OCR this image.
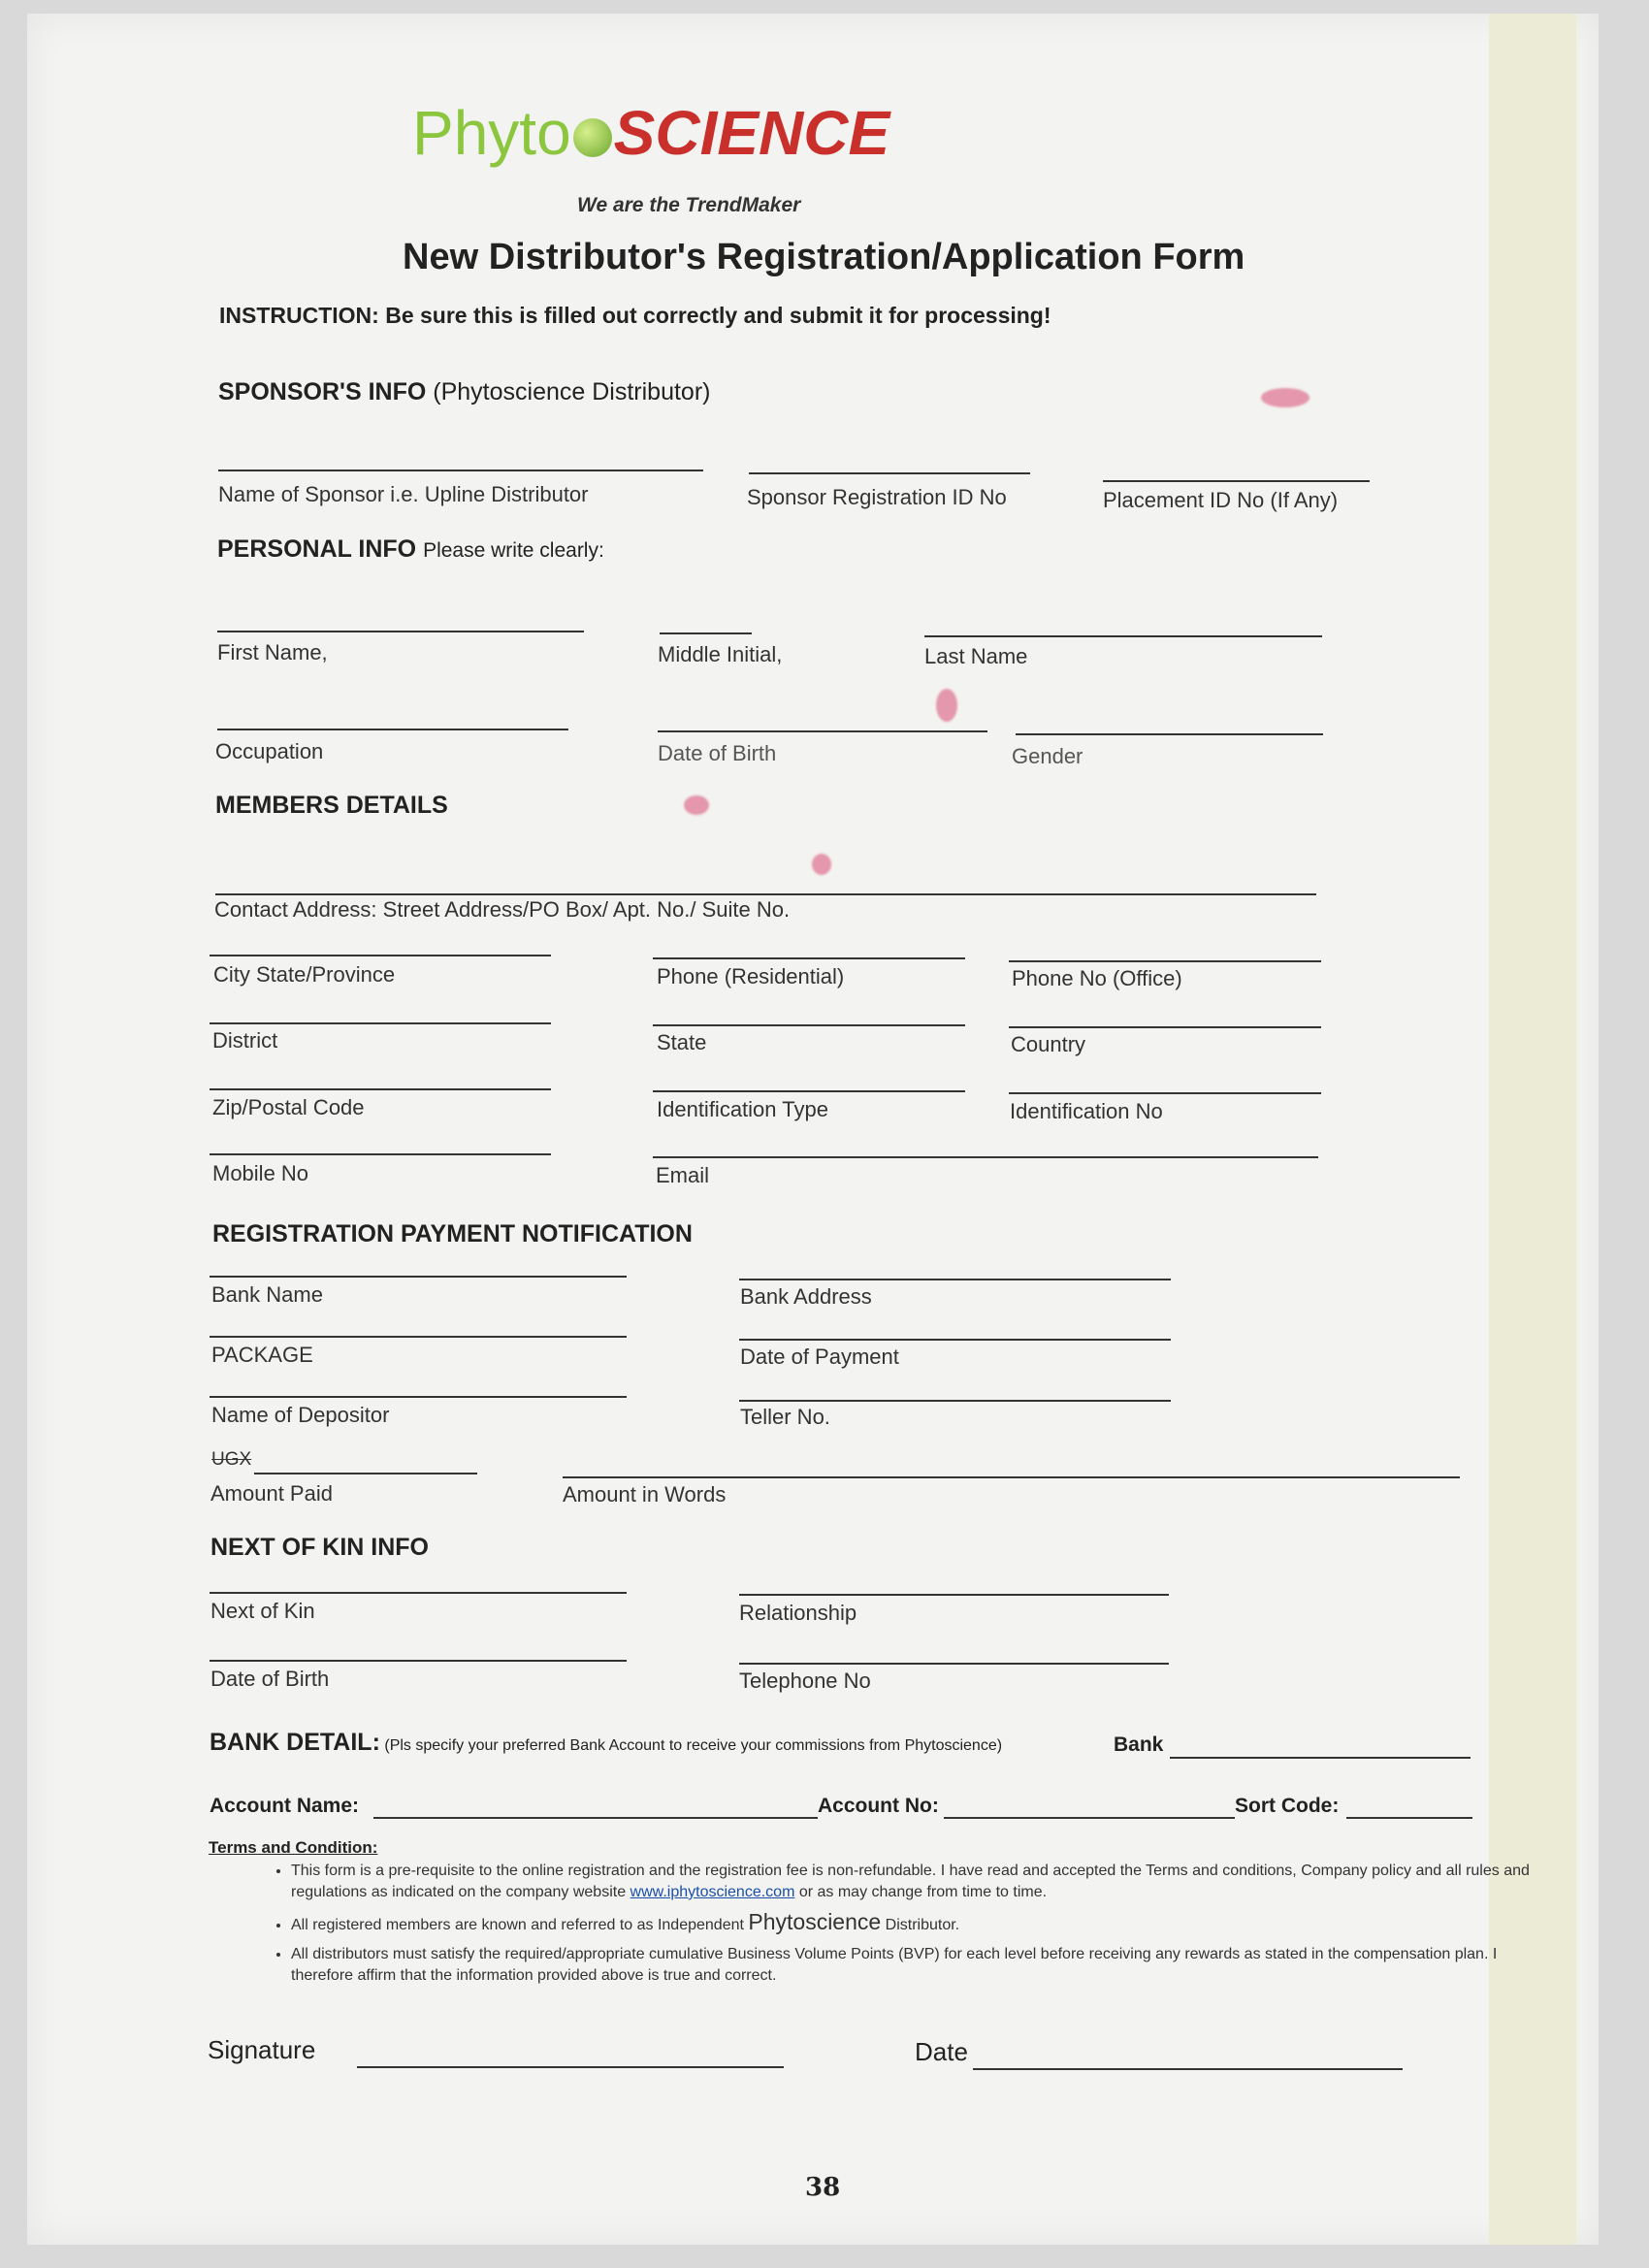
Phyto SCIENCE
We are the TrendMaker
New Distributor's Registration/Application Form
INSTRUCTION: Be sure this is filled out correctly and submit it for processing!
SPONSOR'S INFO (Phytoscience Distributor)
Name of Sponsor i.e. Upline Distributor	Sponsor Registration ID No	Placement ID No (If Any)
PERSONAL INFO Please write clearly:
First Name,	Middle Initial,	Last Name
Occupation	Date of Birth	Gender
MEMBERS DETAILS
Contact Address: Street Address/PO Box/ Apt. No./ Suite No.
City State/Province	Phone (Residential)	Phone No (Office)
District	State	Country
Zip/Postal Code	Identification Type	Identification No
Mobile No	Email
REGISTRATION PAYMENT NOTIFICATION
Bank Name	Bank Address
PACKAGE	Date of Payment
Name of Depositor	Teller No.
UGX
Amount Paid	Amount in Words
NEXT OF KIN INFO
Next of Kin	Relationship
Date of Birth	Telephone No
BANK DETAIL: (Pls specify your preferred Bank Account to receive your commissions from Phytoscience)	Bank
Account Name:	Account No:	Sort Code:
Terms and Condition:
• This form is a pre-requisite to the online registration and the registration fee is non-refundable. I have read and accepted the Terms and conditions, Company policy and all rules and regulations as indicated on the company website www.iphytoscience.com or as may change from time to time.
• All registered members are known and referred to as Independent Phytoscience Distributor.
• All distributors must satisfy the required/appropriate cumulative Business Volume Points (BVP) for each level before receiving any rewards as stated in the compensation plan. I therefore affirm that the information provided above is true and correct.
Signature	Date
38
